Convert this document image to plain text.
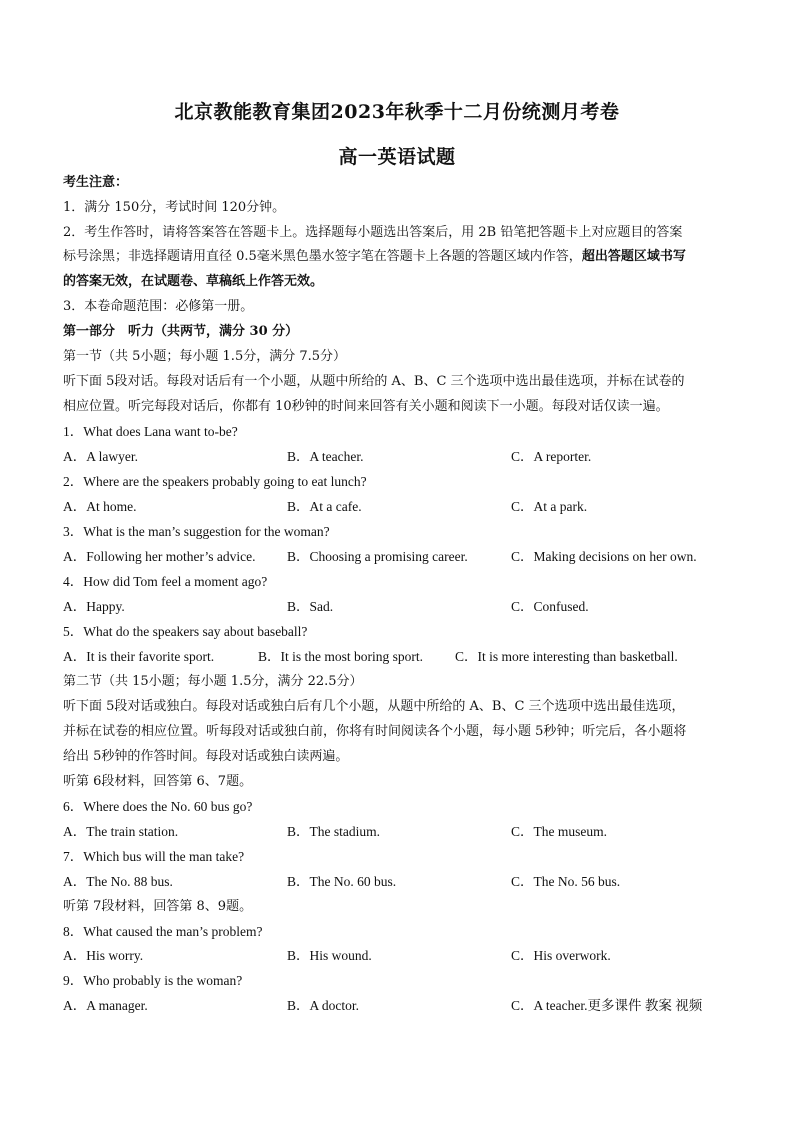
北京教能教育集团2023年秋季十二月份统测月考卷
高一英语试题
考生注意：
1．满分 150分，考试时间 120分钟。
2．考生作答时，请将答案答在答题卡上。选择题每小题选出答案后，用 2B 铅笔把答题卡上对应题目的答案
标号涂黑；非选择题请用直径 0.5毫米黑色墨水签字笔在答题卡上各题的答题区域内作答，超出答题区域书写
的答案无效，在试题卷、草稿纸上作答无效。
3．本卷命题范围：必修第一册。
第一部分　听力（共两节，满分 30 分）
第一节（共 5小题；每小题 1.5分，满分 7.5分）
听下面 5段对话。每段对话后有一个小题，从题中所给的 A、B、C 三个选项中选出最佳选项，并标在试卷的
相应位置。听完每段对话后，你都有 10秒钟的时间来回答有关小题和阅读下一小题。每段对话仅读一遍。
1．What does Lana want to-be?
A．A lawyer.	B．A teacher.	C．A reporter.
2．Where are the speakers probably going to eat lunch?
A．At home.	B．At a cafe.	C．At a park.
3．What is the man’s suggestion for the woman?
A．Following her mother’s advice. B．Choosing a promising career.	C．Making decisions on her own.
4．How did Tom feel a moment ago?
A．Happy.	B．Sad.	C．Confused.
5．What do the speakers say about baseball?
A．It is their favorite sport.	B．It is the most boring sport. C．It is more interesting than basketball.
第二节（共 15小题；每小题 1.5分，满分 22.5分）
听下面 5段对话或独白。每段对话或独白后有几个小题，从题中所给的 A、B、C 三个选项中选出最佳选项，
并标在试卷的相应位置。听每段对话或独白前，你将有时间阅读各个小题，每小题 5秒钟；听完后，各小题将
给出 5秒钟的作答时间。每段对话或独白读两遍。
听第 6段材料，回答第 6、7题。
6．Where does the No. 60 bus go?
A．The train station.	B．The stadium.	C．The museum.
7．Which bus will the man take?
A．The No. 88 bus.	B．The No. 60 bus.	C．The No. 56 bus.
听第 7段材料，回答第 8、9题。
8．What caused the man’s problem?
A．His worry.	B．His wound.	C．His overwork.
9．Who probably is the woman?
A．A manager.	B．A doctor.	C．A teacher.更多课件 教案 视频
